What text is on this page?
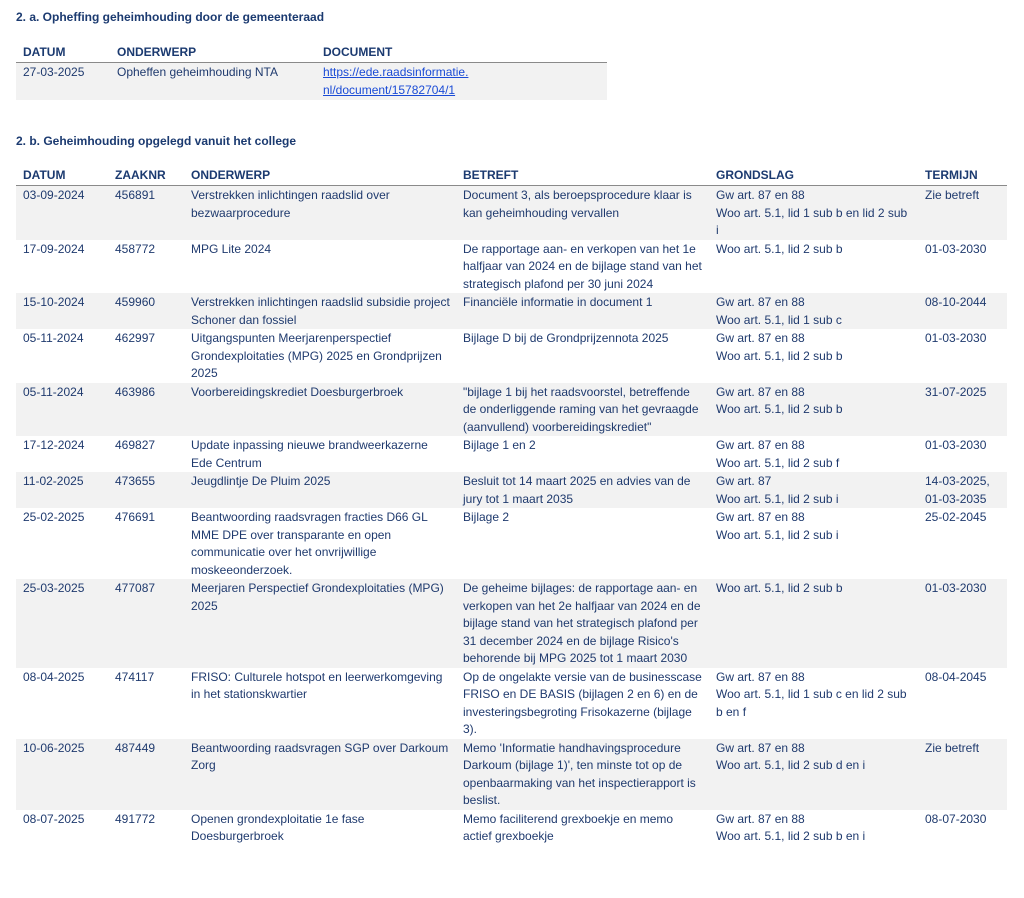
2. a. Opheffing geheimhouding door de gemeenteraad
DATUM	ONDERWERP	DOCUMENT
27-03-2025	Opheffen geheimhouding NTA	https://ede.raadsinformatie.
nl/document/15782704/1
2. b. Geheimhouding opgelegd vanuit het college
DATUM	ZAAKNR	ONDERWERP	BETREFT	GRONDSLAG	TERMIJN
03-09-2024	456891	Verstrekken inlichtingen raadslid over bezwaarprocedure	Document 3, als beroepsprocedure klaar is kan geheimhouding vervallen	Gw art. 87 en 88
Woo art. 5.1, lid 1 sub b en lid 2 sub i	Zie betreft
17-09-2024	458772	MPG Lite 2024	De rapportage aan- en verkopen van het 1e halfjaar van 2024 en de bijlage stand van het strategisch plafond per 30 juni 2024	Woo art. 5.1, lid 2 sub b	01-03-2030
15-10-2024	459960	Verstrekken inlichtingen raadslid subsidie project Schoner dan fossiel	Financiële informatie in document 1	Gw art. 87 en 88
Woo art. 5.1, lid 1 sub c	08-10-2044
05-11-2024	462997	Uitgangspunten Meerjarenperspectief Grondexploitaties (MPG) 2025 en Grondprijzen 2025	Bijlage D bij de Grondprijzennota 2025	Gw art. 87 en 88
Woo art. 5.1, lid 2 sub b	01-03-2030
05-11-2024	463986	Voorbereidingskrediet Doesburgerbroek	"bijlage 1 bij het raadsvoorstel, betreffende de onderliggende raming van het gevraagde (aanvullend) voorbereidingskrediet"	Gw art. 87 en 88
Woo art. 5.1, lid 2 sub b	31-07-2025
17-12-2024	469827	Update inpassing nieuwe brandweerkazerne Ede Centrum	Bijlage 1 en 2	Gw art. 87 en 88
Woo art. 5.1, lid 2 sub f	01-03-2030
11-02-2025	473655	Jeugdlintje De Pluim 2025	Besluit tot 14 maart 2025 en advies van de jury tot 1 maart 2035	Gw art. 87
Woo art. 5.1, lid 2 sub i	14-03-2025, 01-03-2035
25-02-2025	476691	Beantwoording raadsvragen fracties D66 GL MME DPE over transparante en open communicatie over het onvrijwillige moskeeonderzoek.	Bijlage 2	Gw art. 87 en 88
Woo art. 5.1, lid 2 sub i	25-02-2045
25-03-2025	477087	Meerjaren Perspectief Grondexploitaties (MPG) 2025	De geheime bijlages: de rapportage aan- en verkopen van het 2e halfjaar van 2024 en de bijlage stand van het strategisch plafond per 31 december 2024 en de bijlage Risico's behorende bij MPG 2025 tot 1 maart 2030	Woo art. 5.1, lid 2 sub b	01-03-2030
08-04-2025	474117	FRISO: Culturele hotspot en leerwerkomgeving in het stationskwartier	Op de ongelakte versie van de businesscase FRISO en DE BASIS (bijlagen 2 en 6) en de investeringsbegroting Frisokazerne (bijlage 3).	Gw art. 87 en 88
Woo art. 5.1, lid 1 sub c en lid 2 sub b en f	08-04-2045
10-06-2025	487449	Beantwoording raadsvragen SGP over Darkoum Zorg	Memo 'Informatie handhavingsprocedure Darkoum (bijlage 1)', ten minste tot op de openbaarmaking van het inspectierapport is beslist.	Gw art. 87 en 88
Woo art. 5.1, lid 2 sub d en i	Zie betreft
08-07-2025	491772	Openen grondexploitatie 1e fase Doesburgerbroek	Memo faciliterend grexboekje en memo actief grexboekje	Gw art. 87 en 88
Woo art. 5.1, lid 2 sub b en i	08-07-2030
